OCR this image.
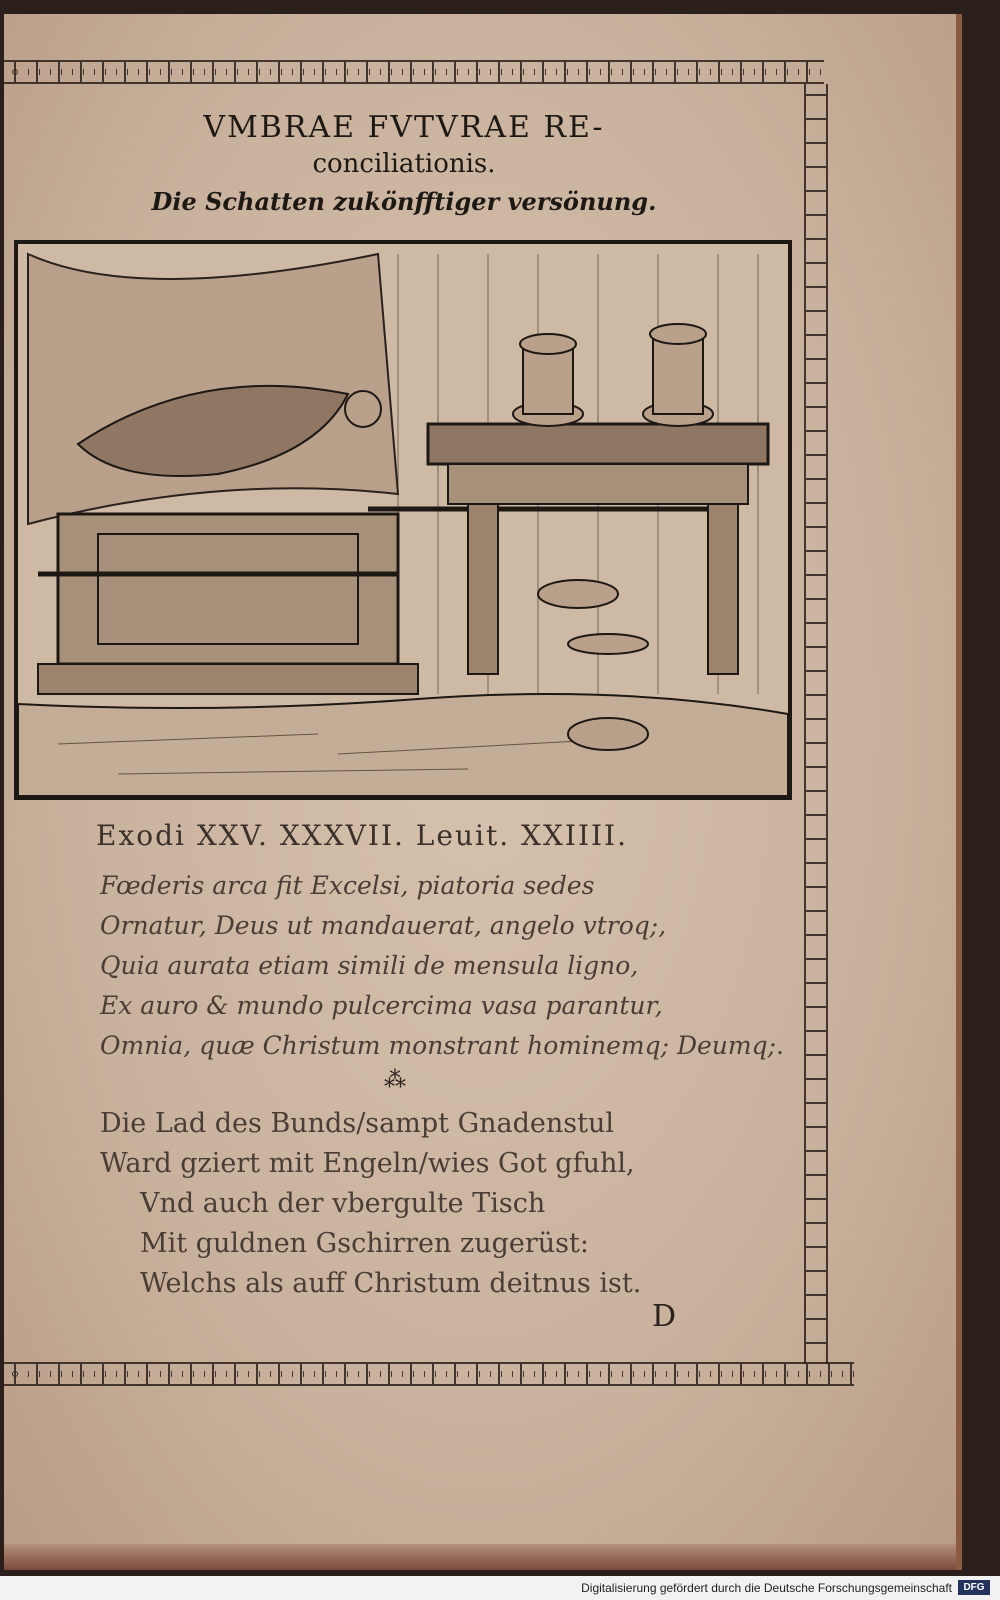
VMBRAE FVTVRAE RE-
conciliationis.
Die Schatten zukönfftiger versönung.
Exodi XXV. XXXVII. Leuit. XXIIII.
Fœderis arca fit Excelsi, piatoria sedes
Ornatur, Deus ut mandauerat, angelo vtroq;,
Quia aurata etiam simili de mensula ligno,
Ex auro & mundo pulcercima vasa parantur,
Omnia, quæ Christum monstrant hominemq; Deumq;.
⁂
Die Lad des Bunds/sampt Gnadenstul
Ward gziert mit Engeln/wies Got gfuhl,
Vnd auch der vbergulte Tisch
Mit guldnen Gschirren zugerüst:
Welchs als auff Christum deitnus ist.
D
Digitalisierung gefördert durch die Deutsche Forschungsgemeinschaft	DFG
